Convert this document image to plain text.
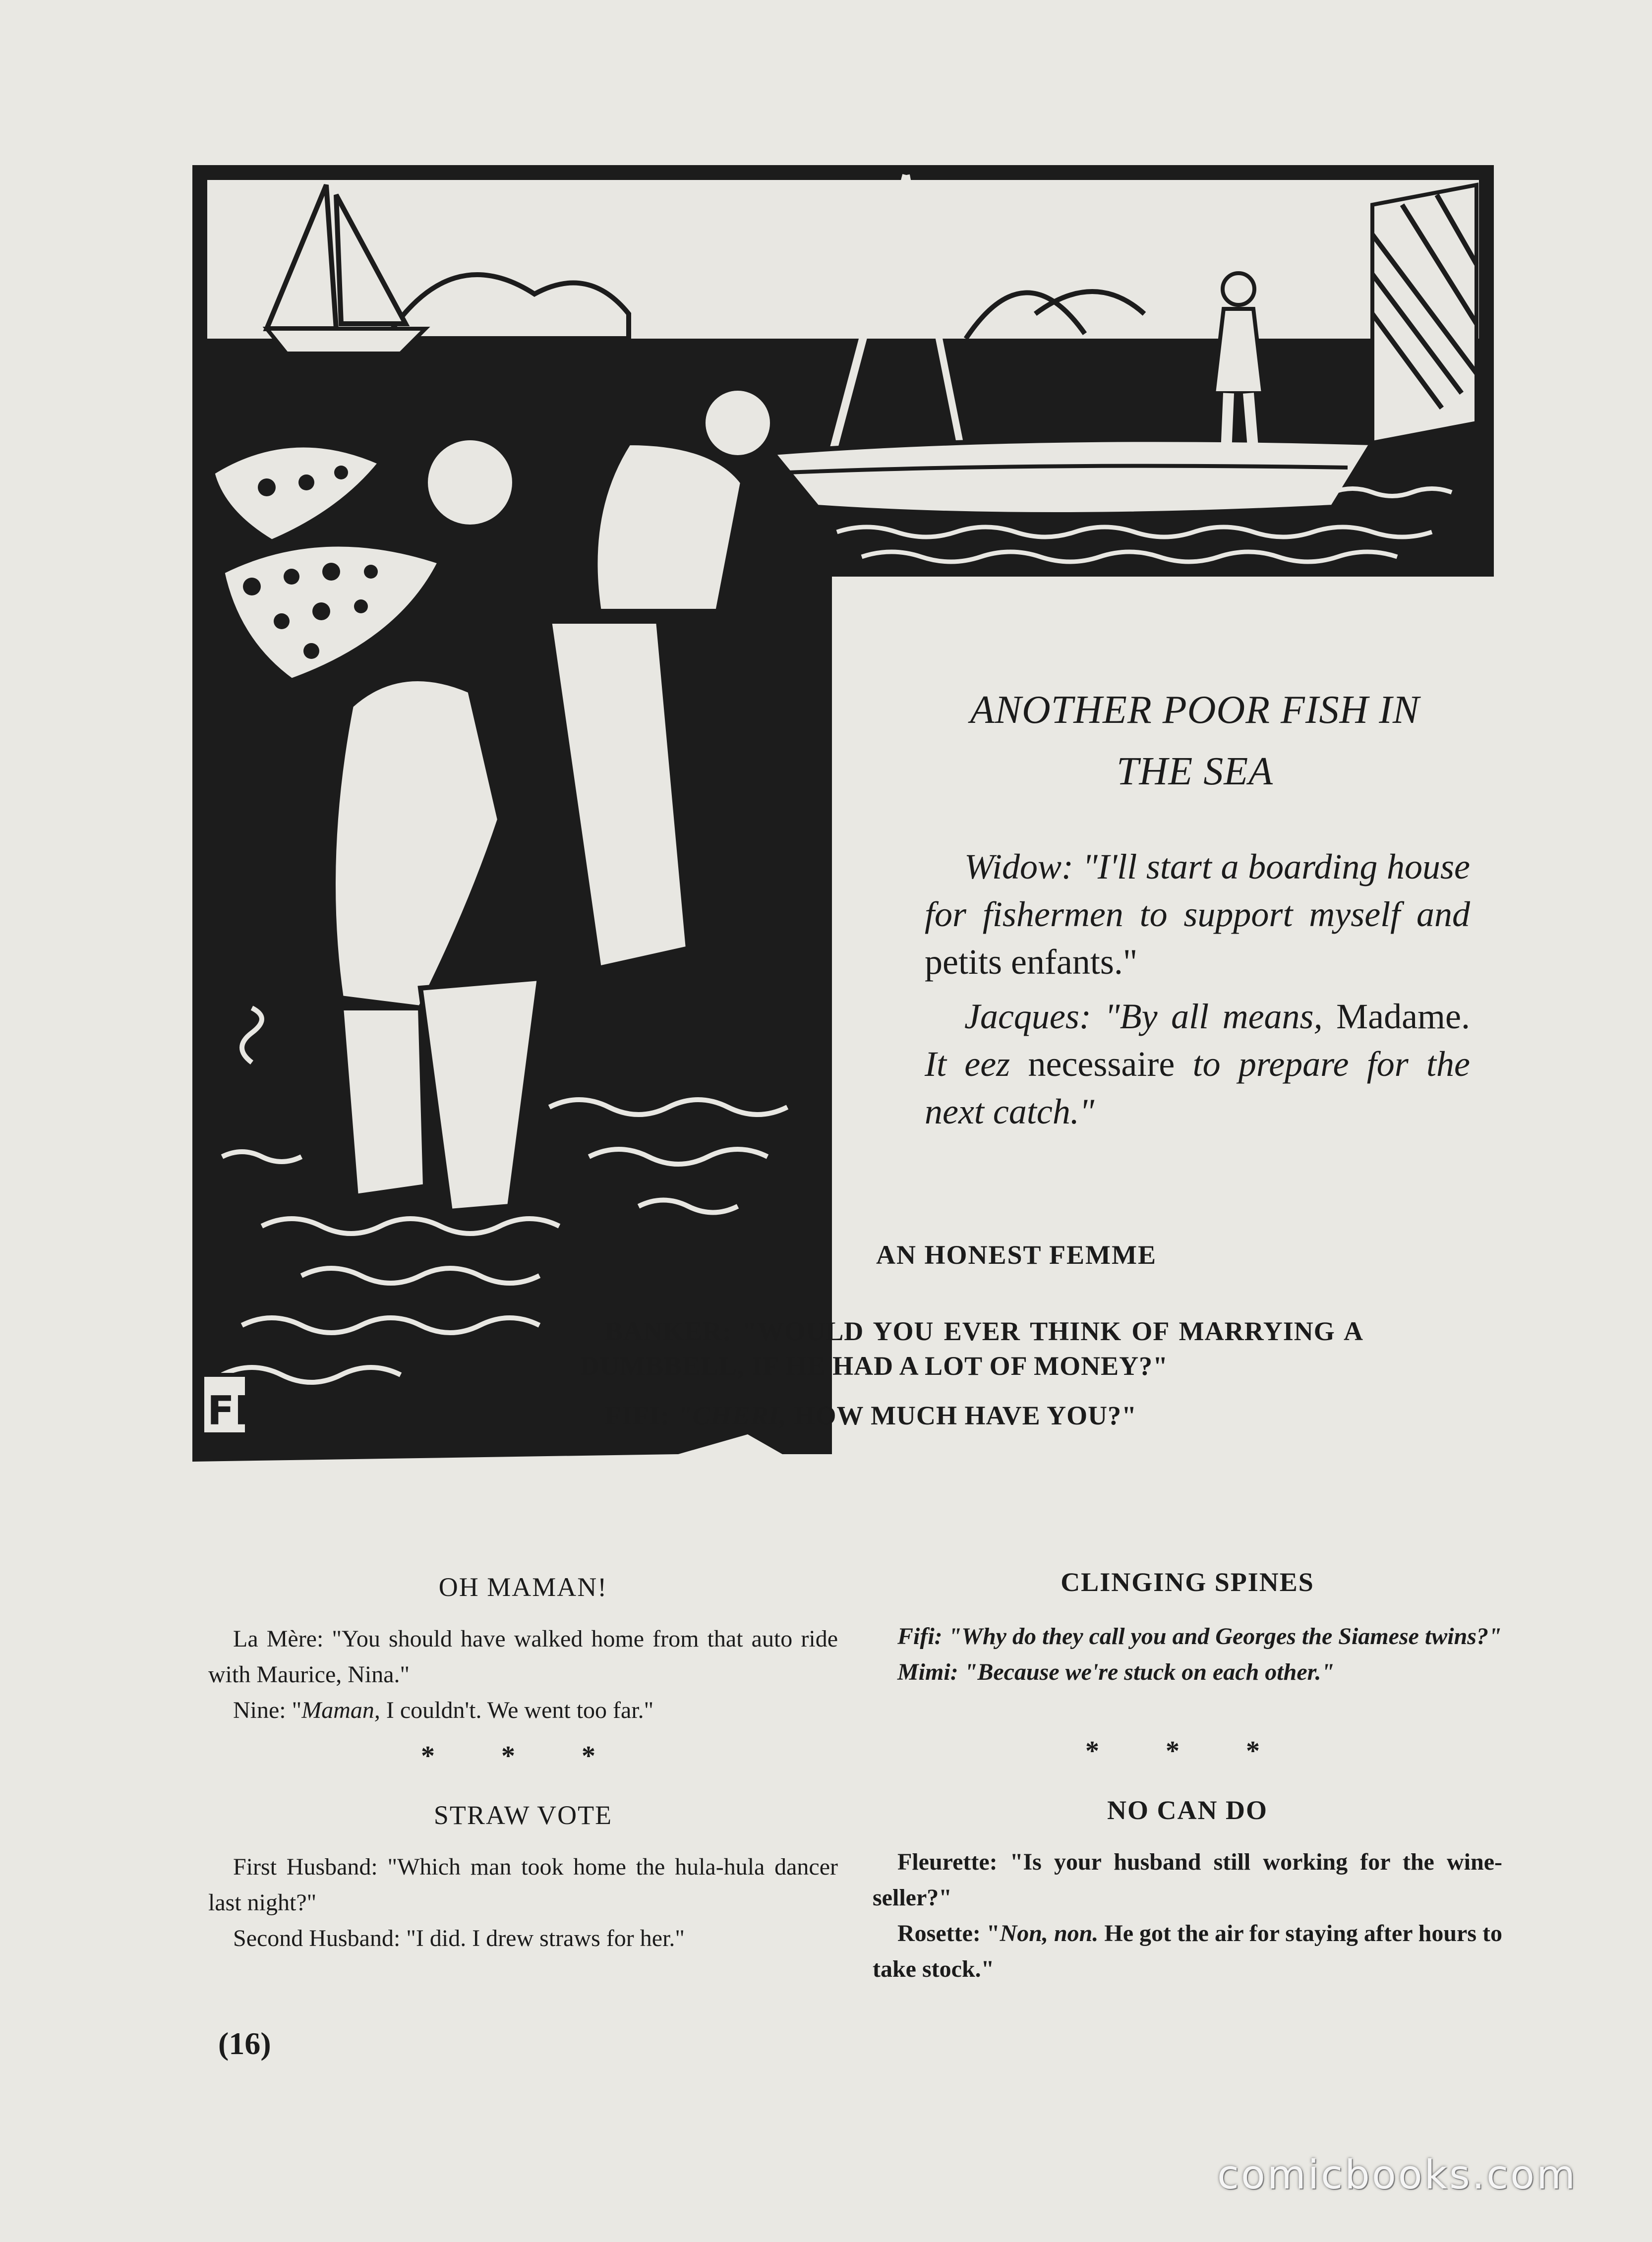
FP
ANOTHER POOR FISH IN
THE SEA

Widow: "I'll start a boarding house for fishermen to support myself and petits enfants."

Jacques: "By all means, Madame. It eez necessaire to prepare for the next catch."

AN HONEST FEMME

BANKER: "WOULD YOU EVER THINK OF MARRYING A DUMBBELL, IF HE HAD A LOT OF MONEY?"

FIFI: "CHERI, HOW MUCH HAVE YOU?"

OH MAMAN!

La Mère: "You should have walked home from that auto ride with Maurice, Nina."

Nine: "Maman, I couldn't. We went too far."

* * *
STRAW VOTE

First Husband: "Which man took home the hula-hula dancer last night?"

Second Husband: "I did. I drew straws for her."

CLINGING SPINES

Fifi: "Why do they call you and Georges the Siamese twins?"

Mimi: "Because we're stuck on each other."

* * *
NO CAN DO

Fleurette: "Is your husband still working for the wine-seller?"

Rosette: "Non, non. He got the air for staying after hours to take stock."

(16)
comicbooks.com
